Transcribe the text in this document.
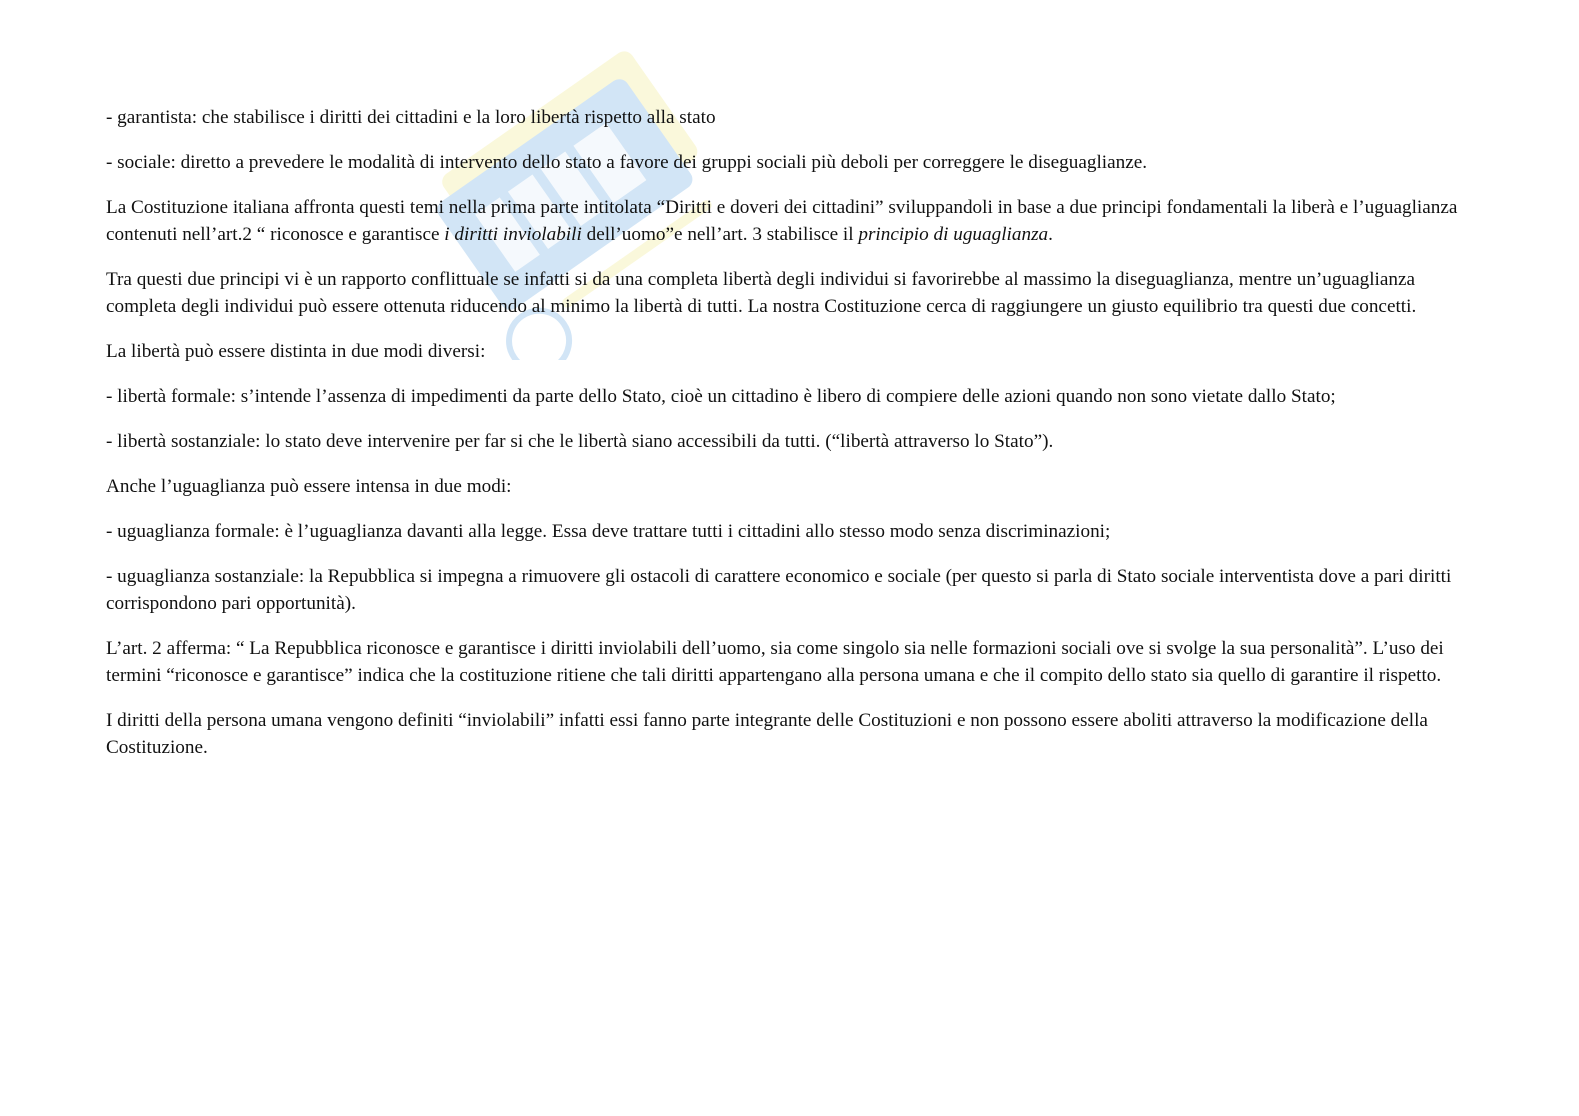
- garantista: che stabilisce i diritti dei cittadini e la loro libertà rispetto alla stato

- sociale: diretto a prevedere le modalità di intervento dello stato a favore dei gruppi sociali più deboli per correggere le diseguaglianze.

La Costituzione italiana affronta questi temi nella prima parte intitolata “Diritti e doveri dei cittadini” sviluppandoli in base a due principi fondamentali la liberà e l’uguaglianza contenuti nell’art.2 “ riconosce e garantisce i diritti inviolabili dell’uomo”e nell’art. 3 stabilisce il principio di uguaglianza.

Tra questi due principi vi è un rapporto conflittuale se infatti si da una completa libertà degli individui si favorirebbe al massimo la diseguaglianza, mentre un’uguaglianza completa degli individui può essere ottenuta riducendo al minimo la libertà di tutti. La nostra Costituzione cerca di raggiungere un giusto equilibrio tra questi due concetti.

La libertà può essere distinta in due modi diversi:

- libertà formale: s’intende l’assenza di impedimenti da parte dello Stato, cioè un cittadino è libero di compiere delle azioni quando non sono vietate dallo Stato;

- libertà sostanziale: lo stato deve intervenire per far si che le libertà siano accessibili da tutti. (“libertà attraverso lo Stato”).

Anche l’uguaglianza può essere intensa in due modi:

- uguaglianza formale: è l’uguaglianza davanti alla legge. Essa deve trattare tutti i cittadini allo stesso modo senza discriminazioni;

- uguaglianza sostanziale: la Repubblica si impegna a rimuovere gli ostacoli di carattere economico e sociale (per questo si parla di Stato sociale interventista dove a pari diritti corrispondono pari opportunità).

L’art. 2 afferma: “ La Repubblica riconosce e garantisce i diritti inviolabili dell’uomo, sia come singolo sia nelle formazioni sociali ove si svolge la sua personalità”. L’uso dei termini “riconosce e garantisce” indica che la costituzione ritiene che tali diritti appartengano alla persona umana e che il compito dello stato sia quello di garantire il rispetto.

I diritti della persona umana vengono definiti “inviolabili” infatti essi fanno parte integrante delle Costituzioni e non possono essere aboliti attraverso la modificazione della Costituzione.
